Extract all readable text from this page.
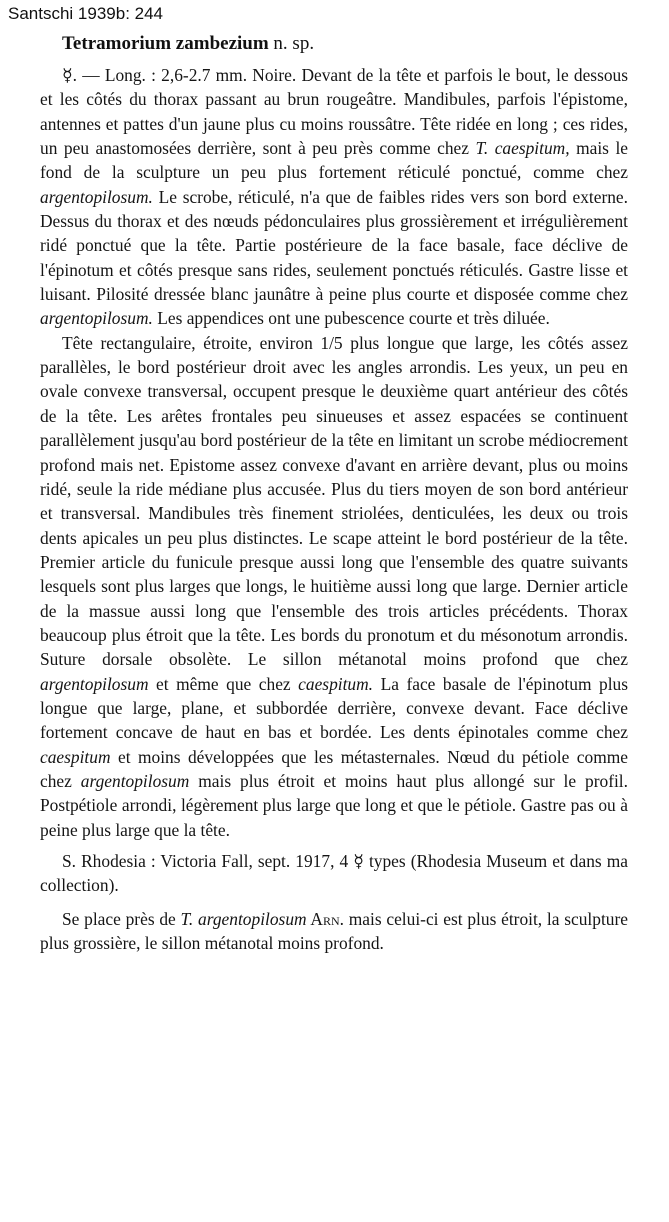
Santschi 1939b: 244
Tetramorium zambezium n. sp.

☿. — Long. : 2,6-2.7 mm. Noire. Devant de la tête et parfois le bout, le dessous et les côtés du thorax passant au brun rougeâtre. Mandibules, parfois l'épistome, antennes et pattes d'un jaune plus cu moins roussâtre. Tête ridée en long ; ces rides, un peu anastomosées derrière, sont à peu près comme chez T. caespitum, mais le fond de la sculpture un peu plus fortement réticulé ponctué, comme chez argentopilosum. Le scrobe, réticulé, n'a que de faibles rides vers son bord externe. Dessus du thorax et des nœuds pédonculaires plus grossièrement et irrégulièrement ridé ponctué que la tête. Partie postérieure de la face basale, face déclive de l'épinotum et côtés presque sans rides, seulement ponctués réticulés. Gastre lisse et luisant. Pilosité dressée blanc jaunâtre à peine plus courte et disposée comme chez argentopilosum. Les appendices ont une pubescence courte et très diluée.

Tête rectangulaire, étroite, environ 1/5 plus longue que large, les côtés assez parallèles, le bord postérieur droit avec les angles arrondis. Les yeux, un peu en ovale convexe transversal, occupent presque le deuxième quart antérieur des côtés de la tête. Les arêtes frontales peu sinueuses et assez espacées se continuent parallèlement jusqu'au bord postérieur de la tête en limitant un scrobe médiocrement profond mais net. Epistome assez convexe d'avant en arrière devant, plus ou moins ridé, seule la ride médiane plus accusée. Plus du tiers moyen de son bord antérieur et transversal. Mandibules très finement striolées, denticulées, les deux ou trois dents apicales un peu plus distinctes. Le scape atteint le bord postérieur de la tête. Premier article du funicule presque aussi long que l'ensemble des quatre suivants lesquels sont plus larges que longs, le huitième aussi long que large. Dernier article de la massue aussi long que l'ensemble des trois articles précédents. Thorax beaucoup plus étroit que la tête. Les bords du pronotum et du mésonotum arrondis. Suture dorsale obsolète. Le sillon métanotal moins profond que chez argentopilosum et même que chez caespitum. La face basale de l'épinotum plus longue que large, plane, et subbordée derrière, convexe devant. Face déclive fortement concave de haut en bas et bordée. Les dents épinotales comme chez caespitum et moins développées que les métasternales. Nœud du pétiole comme chez argentopilosum mais plus étroit et moins haut plus allongé sur le profil. Postpétiole arrondi, légèrement plus large que long et que le pétiole. Gastre pas ou à peine plus large que la tête.

S. Rhodesia : Victoria Fall, sept. 1917, 4 ☿ types (Rhodesia Museum et dans ma collection).

Se place près de T. argentopilosum Arn. mais celui-ci est plus étroit, la sculpture plus grossière, le sillon métanotal moins profond.
